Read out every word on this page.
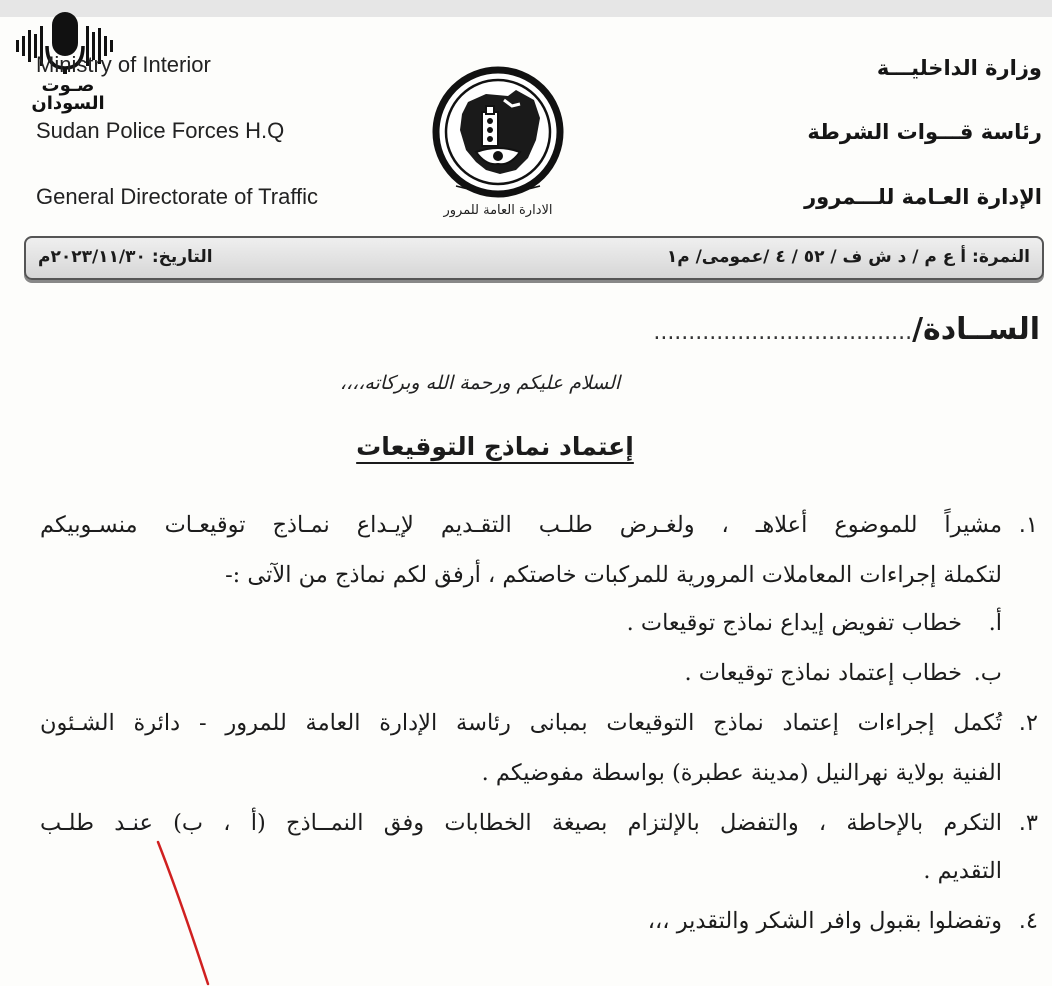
صـوت السودان
Ministry of Interior
Sudan Police Forces H.Q
General Directorate of Traffic
وزارة الداخليـــة
رئاسة قـــوات الشرطة
الإدارة العـامة للـــمرور
الادارة العامة للمرور
النمرة: أ ع م / د ش ف / ٥٢ / ٤ /عمومى/ م١
التاريخ: ٢٠٢٣/١١/٣٠م
الســادة/.....................................
السلام عليكم ورحمة الله وبركاته،،،،
إعتماد نماذج التوقيعات
١.
مشيراً للموضوع أعلاهـ ، ولغـرض طلـب التقـديم لإيـداع نمـاذج توقيعـات منسـوبيكم
لتكملة إجراءات المعاملات المرورية للمركبات خاصتكم ، أرفق لكم نماذج من الآتى :-
أ.
خطاب تفويض إيداع نماذج توقيعات .
ب.
خطاب إعتماد نماذج توقيعات .
٢.
تُكمل إجراءات إعتماد نماذج التوقيعات بمبانى رئاسة الإدارة العامة للمرور - دائرة الشـئون
الفنية بولاية نهرالنيل (مدينة عطبرة) بواسطة مفوضيكم .
٣.
التكرم بالإحاطة ، والتفضل بالإلتزام بصيغة الخطابات وفق النمــاذج (أ ، ب) عنـد طلـب
التقديم .
٤.
وتفضلوا بقبول وافر الشكر والتقدير ،،،
